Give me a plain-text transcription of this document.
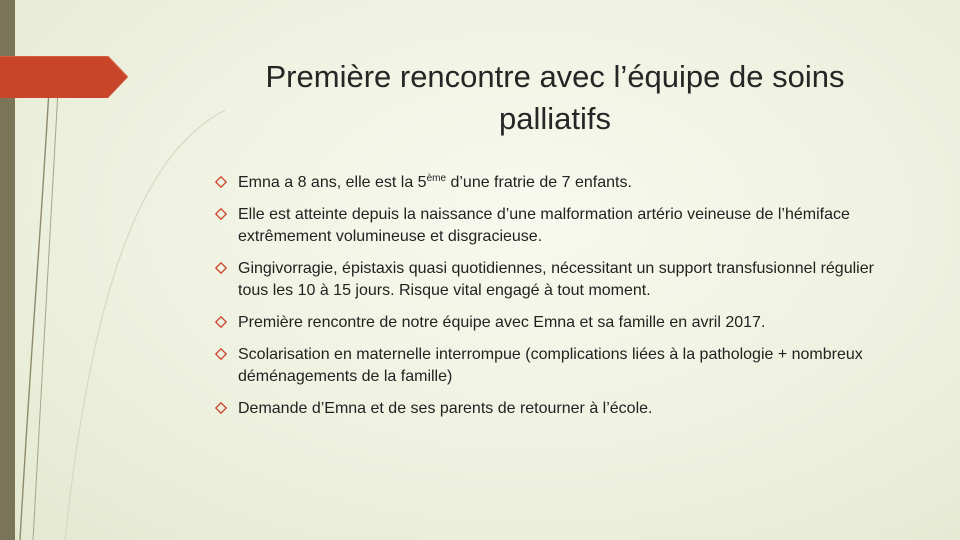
Première rencontre avec l’équipe de soins palliatifs
Emna a 8 ans, elle est la 5ème d’une fratrie de 7 enfants.
Elle est atteinte depuis la naissance d’une malformation artério veineuse de l’hémiface extrêmement volumineuse et disgracieuse.
Gingivorragie, épistaxis quasi quotidiennes, nécessitant un support transfusionnel régulier tous les 10 à 15 jours. Risque vital engagé à tout moment.
Première rencontre de notre équipe avec Emna et sa famille en avril 2017.
Scolarisation en maternelle interrompue (complications liées à la pathologie + nombreux déménagements de la famille)
Demande d’Emna et de ses parents de retourner à l’école.
